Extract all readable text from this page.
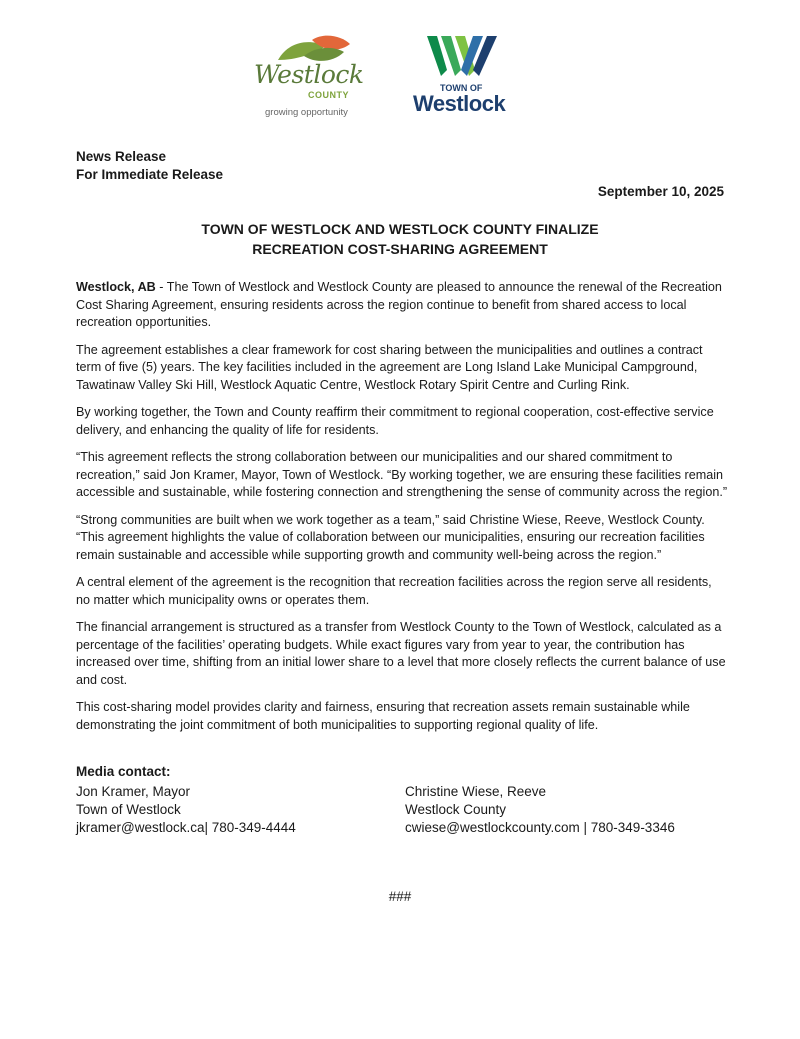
Westlock
COUNTY
growing opportunity
TOWN OF
Westlock
News Release
For Immediate Release
September 10, 2025
TOWN OF WESTLOCK AND WESTLOCK COUNTY FINALIZE
RECREATION COST-SHARING AGREEMENT

Westlock, AB - The Town of Westlock and Westlock County are pleased to announce the renewal of the Recreation Cost Sharing Agreement, ensuring residents across the region continue to benefit from shared access to local recreation opportunities.

The agreement establishes a clear framework for cost sharing between the municipalities and outlines a contract term of five (5) years. The key facilities included in the agreement are Long Island Lake Municipal Campground, Tawatinaw Valley Ski Hill, Westlock Aquatic Centre, Westlock Rotary Spirit Centre and Curling Rink.

By working together, the Town and County reaffirm their commitment to regional cooperation, cost-effective service delivery, and enhancing the quality of life for residents.

“This agreement reflects the strong collaboration between our municipalities and our shared commitment to recreation,” said Jon Kramer, Mayor, Town of Westlock. “By working together, we are ensuring these facilities remain accessible and sustainable, while fostering connection and strengthening the sense of community across the region.”

“Strong communities are built when we work together as a team,” said Christine Wiese, Reeve, Westlock County. “This agreement highlights the value of collaboration between our municipalities, ensuring our recreation facilities remain sustainable and accessible while supporting growth and community well-being across the region.”

A central element of the agreement is the recognition that recreation facilities across the region serve all residents, no matter which municipality owns or operates them.

The financial arrangement is structured as a transfer from Westlock County to the Town of Westlock, calculated as a percentage of the facilities’ operating budgets. While exact figures vary from year to year, the contribution has increased over time, shifting from an initial lower share to a level that more closely reflects the current balance of use and cost.

This cost-sharing model provides clarity and fairness, ensuring that recreation assets remain sustainable while demonstrating the joint commitment of both municipalities to supporting regional quality of life.

Media contact:
Jon Kramer, Mayor
Town of Westlock
jkramer@westlock.ca| 780-349-4444
Christine Wiese, Reeve
Westlock County
cwiese@westlockcounty.com | 780-349-3346
###
